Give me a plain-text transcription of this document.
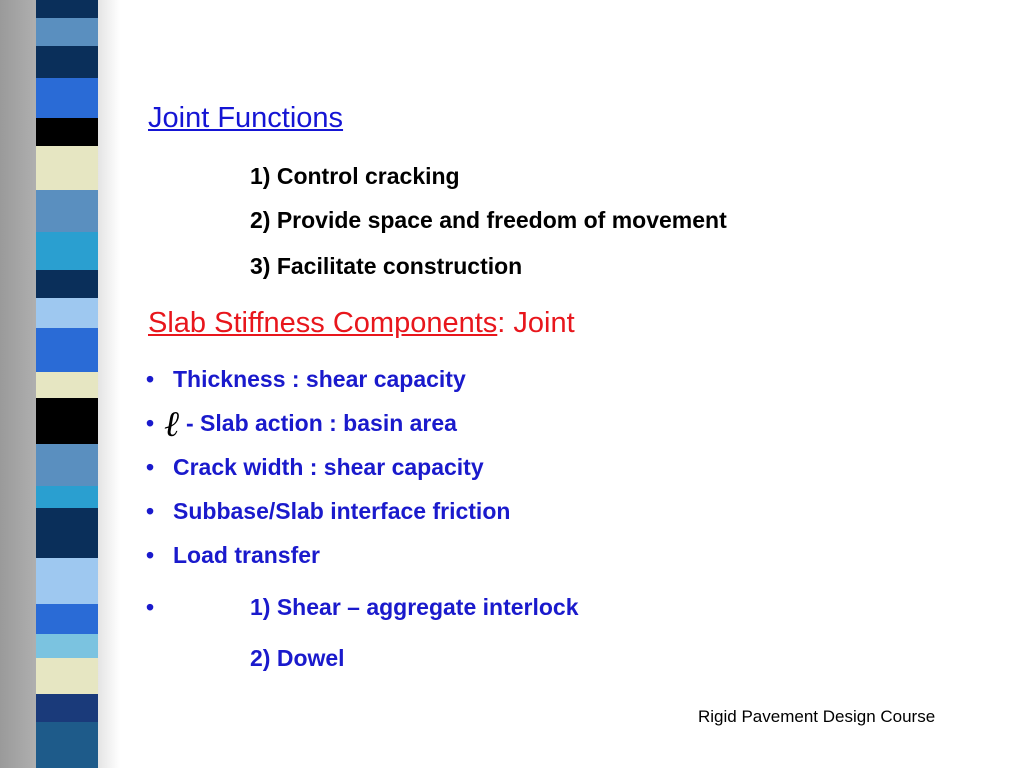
Joint Functions
1) Control cracking
2) Provide space and freedom of movement
3) Facilitate construction
Slab Stiffness Components: Joint
• Thickness : shear capacity
• - Slab action : basin area
ℓ
• Crack width : shear capacity
• Subbase/Slab interface friction
• Load transfer
•	1) Shear – aggregate interlock
2) Dowel
Rigid Pavement Design Course
